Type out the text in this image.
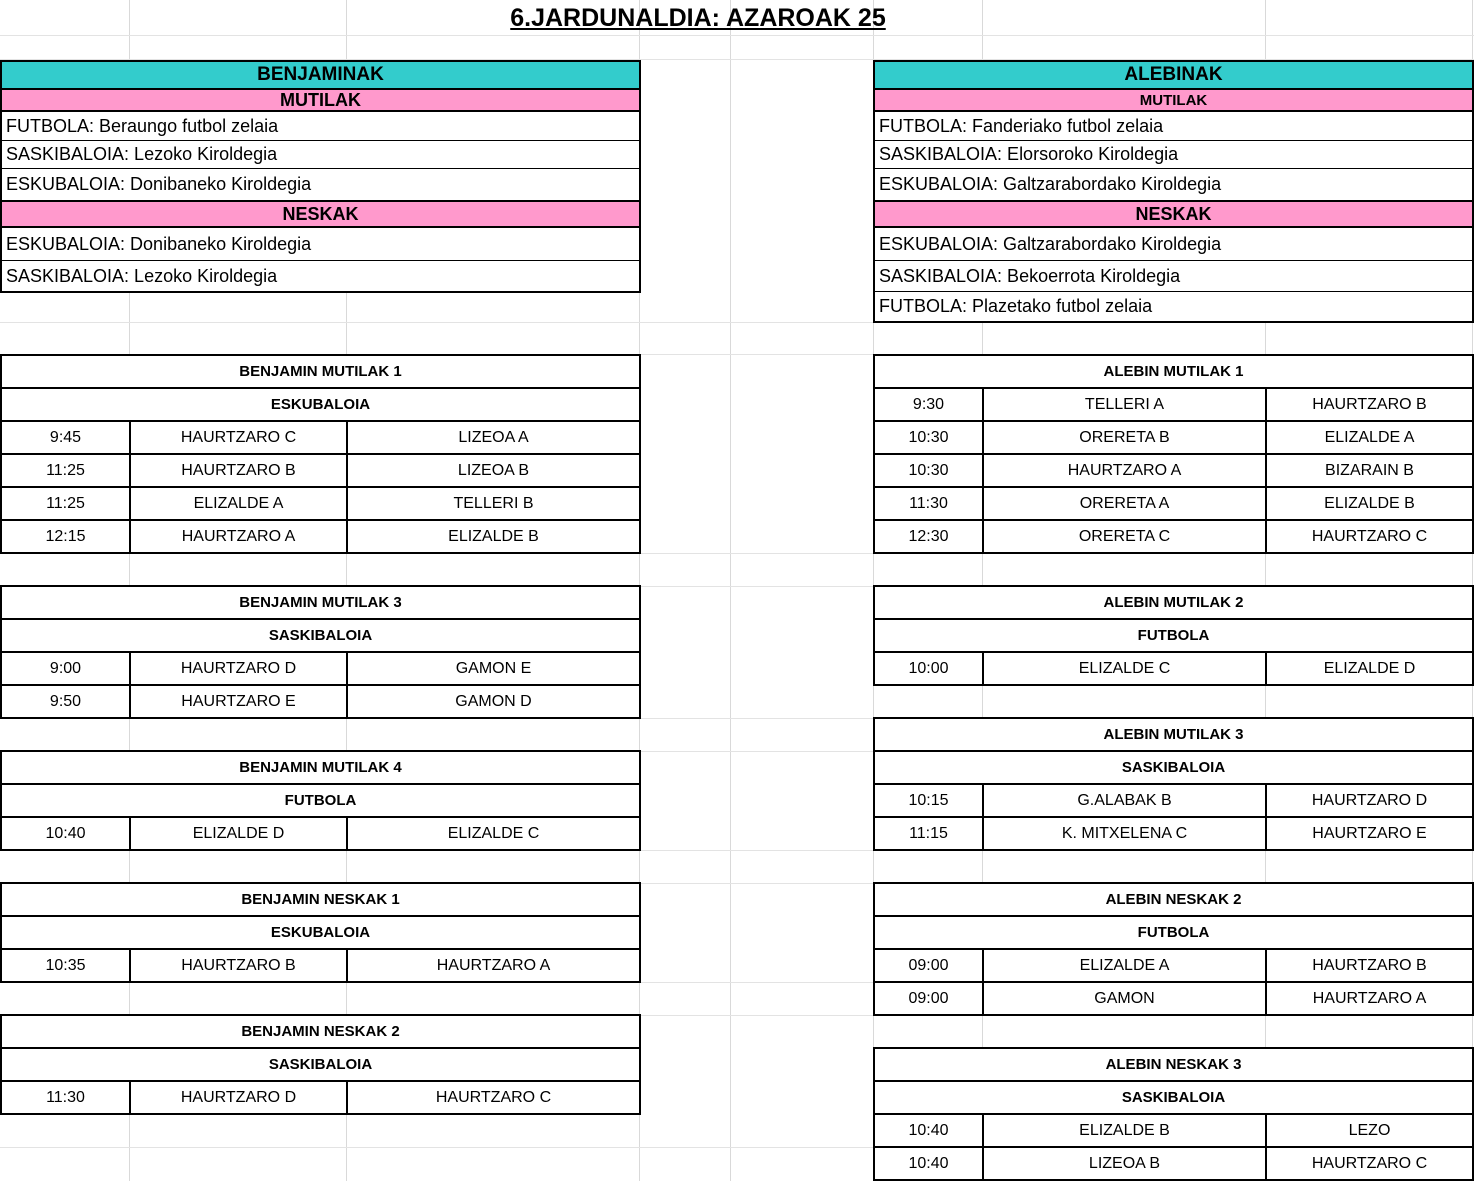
6.JARDUNALDIA: AZAROAK 25
BENJAMINAK
MUTILAK
FUTBOLA: Beraungo futbol zelaia
SASKIBALOIA: Lezoko Kiroldegia
ESKUBALOIA: Donibaneko Kiroldegia
NESKAK
ESKUBALOIA: Donibaneko Kiroldegia
SASKIBALOIA: Lezoko Kiroldegia
ALEBINAK
MUTILAK
FUTBOLA: Fanderiako futbol zelaia
SASKIBALOIA: Elorsoroko Kiroldegia
ESKUBALOIA: Galtzarabordako Kiroldegia
NESKAK
ESKUBALOIA: Galtzarabordako Kiroldegia
SASKIBALOIA: Bekoerrota Kiroldegia
FUTBOLA: Plazetako futbol zelaia
BENJAMIN MUTILAK 1
ESKUBALOIA
9:45	HAURTZARO C	LIZEOA A
11:25	HAURTZARO B	LIZEOA B
11:25	ELIZALDE A	TELLERI B
12:15	HAURTZARO A	ELIZALDE B
BENJAMIN MUTILAK 3
SASKIBALOIA
9:00	HAURTZARO D	GAMON E
9:50	HAURTZARO E	GAMON D
BENJAMIN MUTILAK 4
FUTBOLA
10:40	ELIZALDE D	ELIZALDE C
BENJAMIN NESKAK 1
ESKUBALOIA
10:35	HAURTZARO B	HAURTZARO A
BENJAMIN NESKAK 2
SASKIBALOIA
11:30	HAURTZARO D	HAURTZARO C
ALEBIN MUTILAK 1
9:30	TELLERI A	HAURTZARO B
10:30	ORERETA B	ELIZALDE A
10:30	HAURTZARO A	BIZARAIN B
11:30	ORERETA A	ELIZALDE B
12:30	ORERETA C	HAURTZARO C
ALEBIN MUTILAK 2
FUTBOLA
10:00	ELIZALDE C	ELIZALDE D
ALEBIN MUTILAK 3
SASKIBALOIA
10:15	G.ALABAK B	HAURTZARO D
11:15	K. MITXELENA C	HAURTZARO E
ALEBIN NESKAK 2
FUTBOLA
09:00	ELIZALDE A	HAURTZARO B
09:00	GAMON	HAURTZARO A
ALEBIN NESKAK 3
SASKIBALOIA
10:40	ELIZALDE B	LEZO
10:40	LIZEOA B	HAURTZARO C
